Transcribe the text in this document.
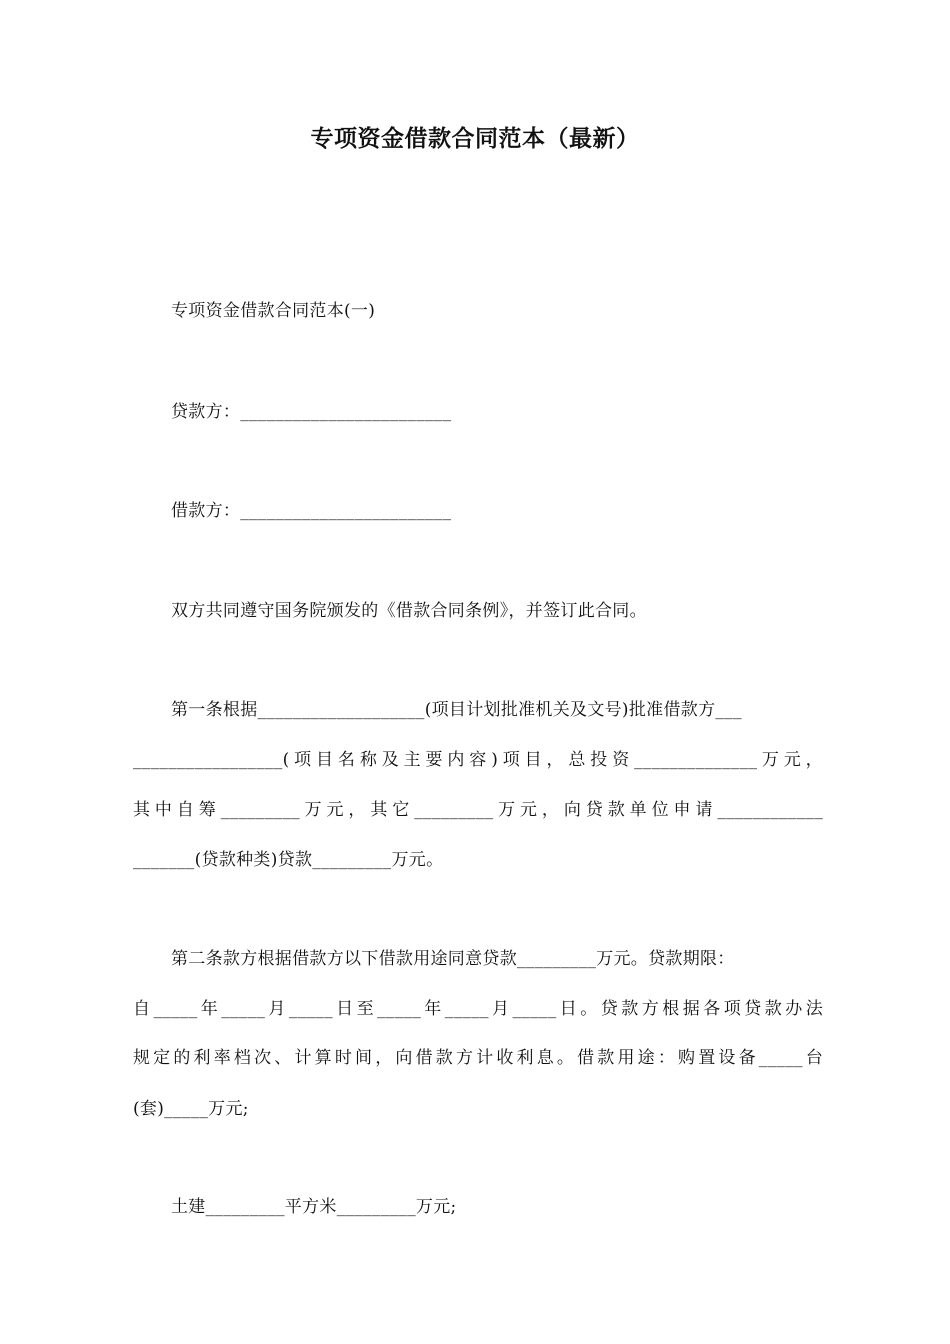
专项资金借款合同范本（最新）
专项资金借款合同范本(一)
贷款方：________________________
借款方：________________________
双方共同遵守国务院颁发的《借款合同条例》，并签订此合同。
第一条根据___________________(项目计划批准机关及文号)批准借款方___
_________________(项目名称及主要内容)项目，总投资______________万元，
其中自筹_________万元，其它_________万元，向贷款单位申请____________
_______(贷款种类)贷款_________万元。
第二条款方根据借款方以下借款用途同意贷款_________万元。贷款期限：
自_____年_____月_____日至_____年_____月_____日。贷款方根据各项贷款办法
规定的利率档次、计算时间，向借款方计收利息。借款用途：购置设备_____台
(套)_____万元;
土建_________平方米_________万元;
